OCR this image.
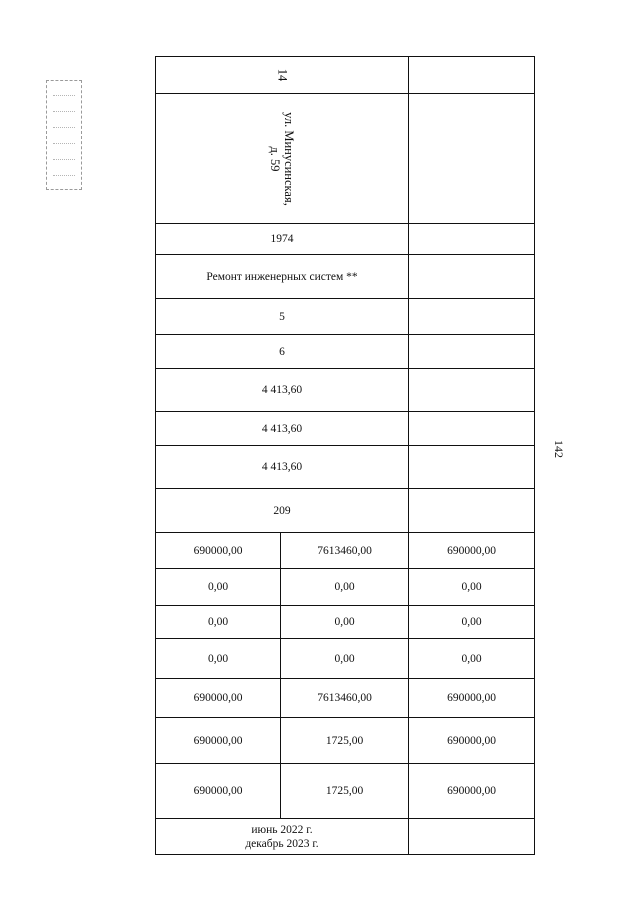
142
14
ул. Минусинская,
д. 59
1974
Ремонт инженерных систем **
5
6
4 413,60
4 413,60
4 413,60
209
690000,00	7613460,00	690000,00
0,00	0,00	0,00
0,00	0,00	0,00
0,00	0,00	0,00
690000,00	7613460,00	690000,00
690000,00	1725,00	690000,00
690000,00	1725,00	690000,00
июнь 2022 г.
декабрь 2023 г.
